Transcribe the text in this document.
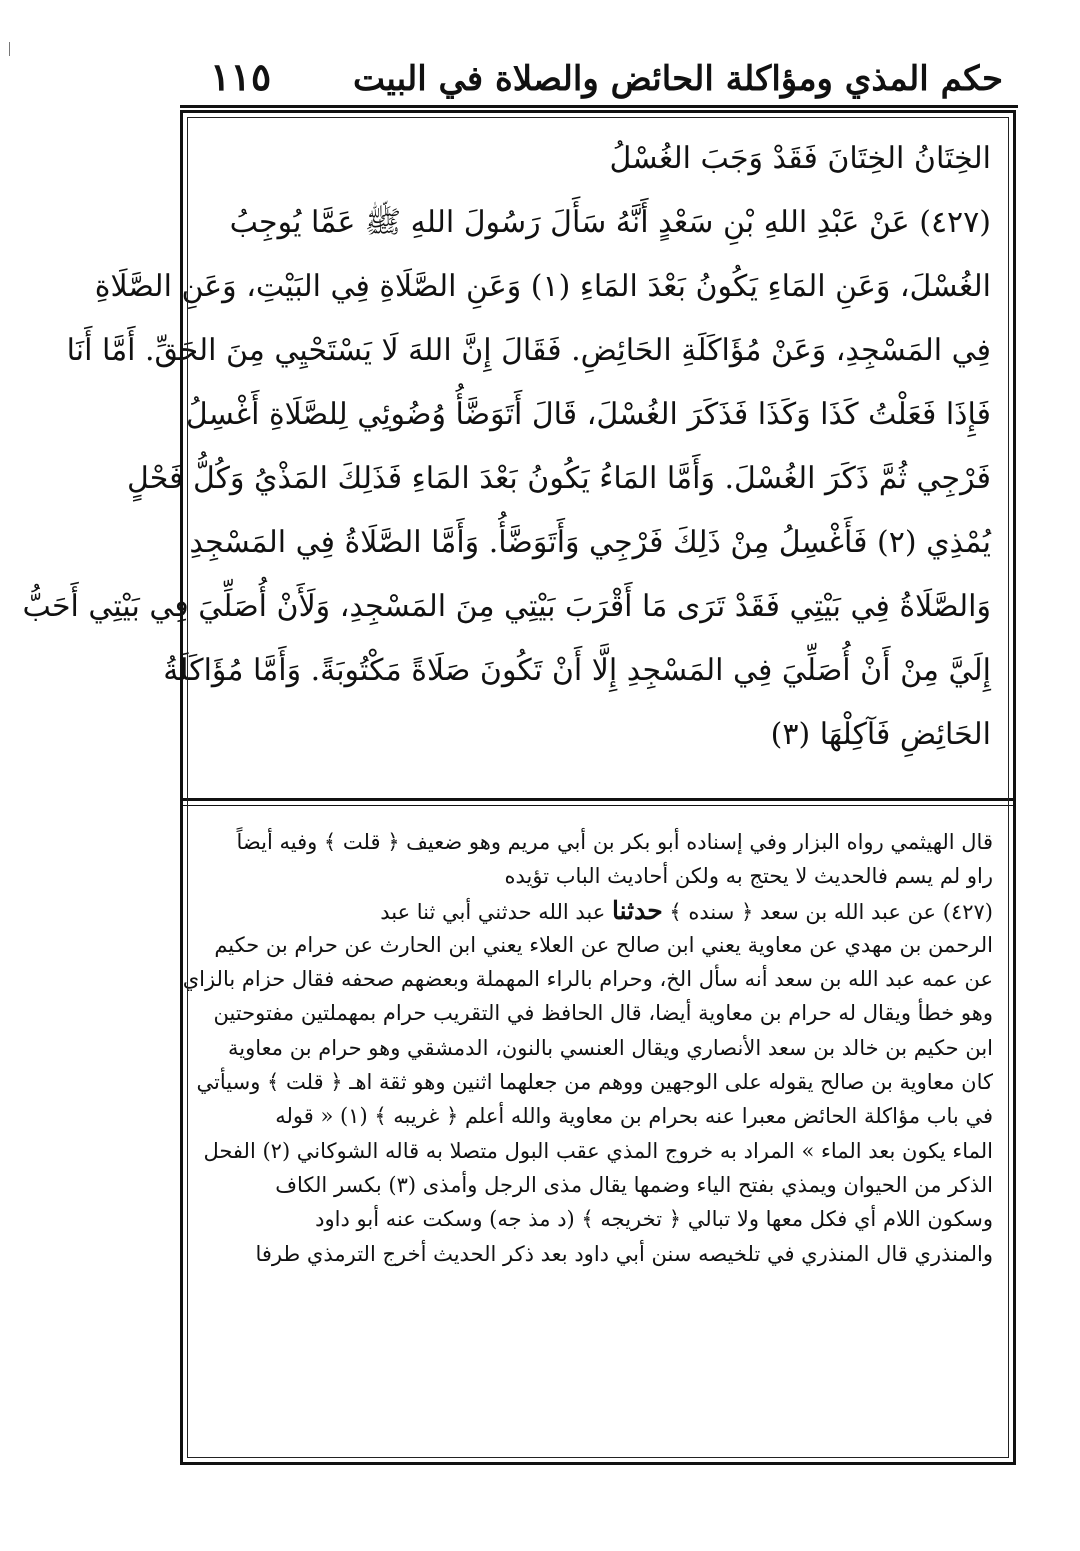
حكم المذي ومؤاكلة الحائض والصلاة في البيت
١١٥
الخِتَانُ الخِتَانَ فَقَدْ وَجَبَ الغُسْلُ
(٤٢٧) عَنْ عَبْدِ اللهِ بْنِ سَعْدٍ أَنَّهُ سَأَلَ رَسُولَ اللهِ ﷺ عَمَّا يُوجِبُ
الغُسْلَ، وَعَنِ المَاءِ يَكُونُ بَعْدَ المَاءِ (١) وَعَنِ الصَّلَاةِ فِي البَيْتِ، وَعَنِ الصَّلَاةِ
فِي المَسْجِدِ، وَعَنْ مُؤَاكَلَةِ الحَائِضِ. فَقَالَ إِنَّ اللهَ لَا يَسْتَحْيِي مِنَ الحَقِّ. أَمَّا أَنَا
فَإِذَا فَعَلْتُ كَذَا وَكَذَا فَذَكَرَ الغُسْلَ، قَالَ أَتَوَضَّأُ وُضُوئِي لِلصَّلَاةِ أَغْسِلُ
فَرْجِي ثُمَّ ذَكَرَ الغُسْلَ. وَأَمَّا المَاءُ يَكُونُ بَعْدَ المَاءِ فَذَلِكَ المَذْيُ وَكُلُّ فَحْلٍ
يُمْذِي (٢) فَأَغْسِلُ مِنْ ذَلِكَ فَرْجِي وَأَتَوَضَّأُ. وَأَمَّا الصَّلَاةُ فِي المَسْجِدِ
وَالصَّلَاةُ فِي بَيْتِي فَقَدْ تَرَى مَا أَقْرَبَ بَيْتِي مِنَ المَسْجِدِ، وَلَأَنْ أُصَلِّيَ فِي بَيْتِي أَحَبُّ
إِلَيَّ مِنْ أَنْ أُصَلِّيَ فِي المَسْجِدِ إِلَّا أَنْ تَكُونَ صَلَاةً مَكْتُوبَةً. وَأَمَّا مُؤَاكَلَةُ
الحَائِضِ فَآكِلْهَا (٣)
قال الهيثمي رواه البزار وفي إسناده أبو بكر بن أبي مريم وهو ضعيف ﴿ قلت ﴾ وفيه أيضاً
راو لم يسم فالحديث لا يحتج به ولكن أحاديث الباب تؤيده
(٤٢٧) عن عبد الله بن سعد ﴿ سنده ﴾ حدثنا عبد الله حدثني أبي ثنا عبد
الرحمن بن مهدي عن معاوية يعني ابن صالح عن العلاء يعني ابن الحارث عن حرام بن حكيم
عن عمه عبد الله بن سعد أنه سأل الخ، وحرام بالراء المهملة وبعضهم صحفه فقال حزام بالزاي
وهو خطأ ويقال له حرام بن معاوية أيضا، قال الحافظ في التقريب حرام بمهملتين مفتوحتين
ابن حكيم بن خالد بن سعد الأنصاري ويقال العنسي بالنون، الدمشقي وهو حرام بن معاوية
كان معاوية بن صالح يقوله على الوجهين ووهم من جعلهما اثنين وهو ثقة اهـ ﴿ قلت ﴾ وسيأتي
في باب مؤاكلة الحائض معبرا عنه بحرام بن معاوية والله أعلم ﴿ غريبه ﴾ (١) « قوله
الماء يكون بعد الماء » المراد به خروج المذي عقب البول متصلا به قاله الشوكاني (٢) الفحل
الذكر من الحيوان ويمذي بفتح الياء وضمها يقال مذى الرجل وأمذى (٣) بكسر الكاف
وسكون اللام أي فكل معها ولا تبالي ﴿ تخريجه ﴾ (د مذ جه) وسكت عنه أبو داود
والمنذري قال المنذري في تلخيصه سنن أبي داود بعد ذكر الحديث أخرج الترمذي طرفا
